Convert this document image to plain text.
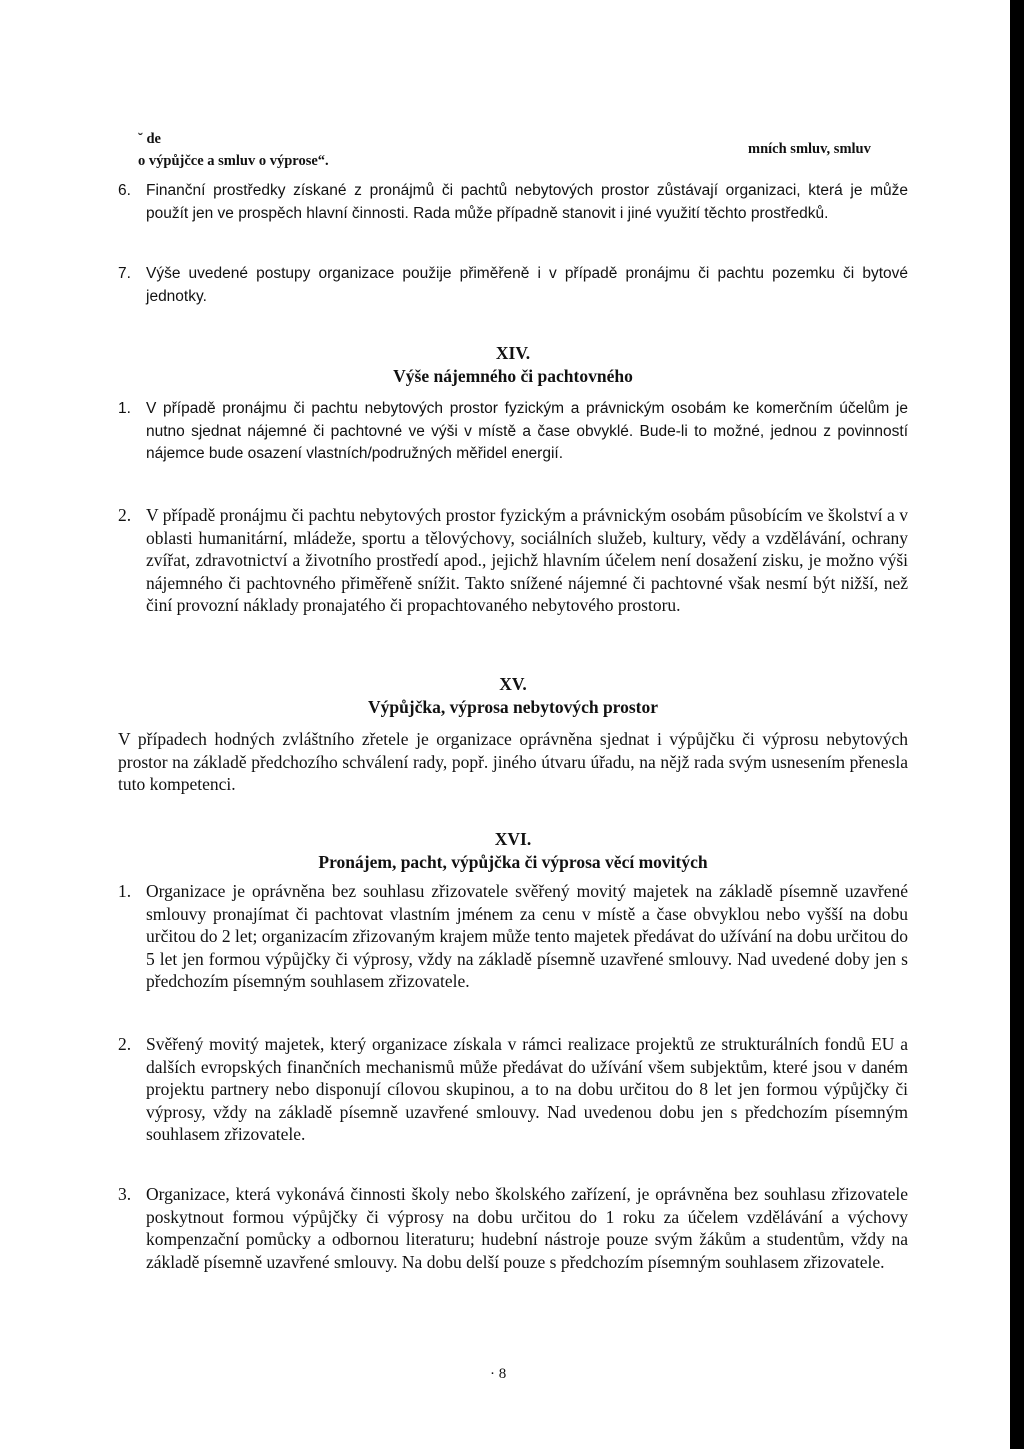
˘ de
o výpůjčce a smluv o výprose“.
mních smluv, smluv
6. Finanční prostředky získané z pronájmů či pachtů nebytových prostor zůstávají organizaci, která je může použít jen ve prospěch hlavní činnosti. Rada může případně stanovit i jiné využití těchto prostředků.
7. Výše uvedené postupy organizace použije přiměřeně i v případě pronájmu či pachtu pozemku či bytové jednotky.
XIV.
Výše nájemného či pachtovného
1. V případě pronájmu či pachtu nebytových prostor fyzickým a právnickým osobám ke komerčním účelům je nutno sjednat nájemné či pachtovné ve výši v místě a čase obvyklé. Bude-li to možné, jednou z povinností nájemce bude osazení vlastních/podružných měřidel energií.
2. V případě pronájmu či pachtu nebytových prostor fyzickým a právnickým osobám působícím ve školství a v oblasti humanitární, mládeže, sportu a tělovýchovy, sociálních služeb, kultury, vědy a vzdělávání, ochrany zvířat, zdravotnictví a životního prostředí apod., jejichž hlavním účelem není dosažení zisku, je možno výši nájemného či pachtovného přiměřeně snížit. Takto snížené nájemné či pachtovné však nesmí být nižší, než činí provozní náklady pronajatého či propachtovaného nebytového prostoru.
XV.
Výpůjčka, výprosa nebytových prostor
V případech hodných zvláštního zřetele je organizace oprávněna sjednat i výpůjčku či výprosu nebytových prostor na základě předchozího schválení rady, popř. jiného útvaru úřadu, na nějž rada svým usnesením přenesla tuto kompetenci.
XVI.
Pronájem, pacht, výpůjčka či výprosa věcí movitých
1. Organizace je oprávněna bez souhlasu zřizovatele svěřený movitý majetek na základě písemně uzavřené smlouvy pronajímat či pachtovat vlastním jménem za cenu v místě a čase obvyklou nebo vyšší na dobu určitou do 2 let; organizacím zřizovaným krajem může tento majetek předávat do užívání na dobu určitou do 5 let jen formou výpůjčky či výprosy, vždy na základě písemně uzavřené smlouvy. Nad uvedené doby jen s předchozím písemným souhlasem zřizovatele.
2. Svěřený movitý majetek, který organizace získala v rámci realizace projektů ze strukturálních fondů EU a dalších evropských finančních mechanismů může předávat do užívání všem subjektům, které jsou v daném projektu partnery nebo disponují cílovou skupinou, a to na dobu určitou do 8 let jen formou výpůjčky či výprosy, vždy na základě písemně uzavřené smlouvy. Nad uvedenou dobu jen s předchozím písemným souhlasem zřizovatele.
3. Organizace, která vykonává činnosti školy nebo školského zařízení, je oprávněna bez souhlasu zřizovatele poskytnout formou výpůjčky či výprosy na dobu určitou do 1 roku za účelem vzdělávání a výchovy kompenzační pomůcky a odbornou literaturu; hudební nástroje pouze svým žákům a studentům, vždy na základě písemně uzavřené smlouvy. Na dobu delší pouze s předchozím písemným souhlasem zřizovatele.
· 8
